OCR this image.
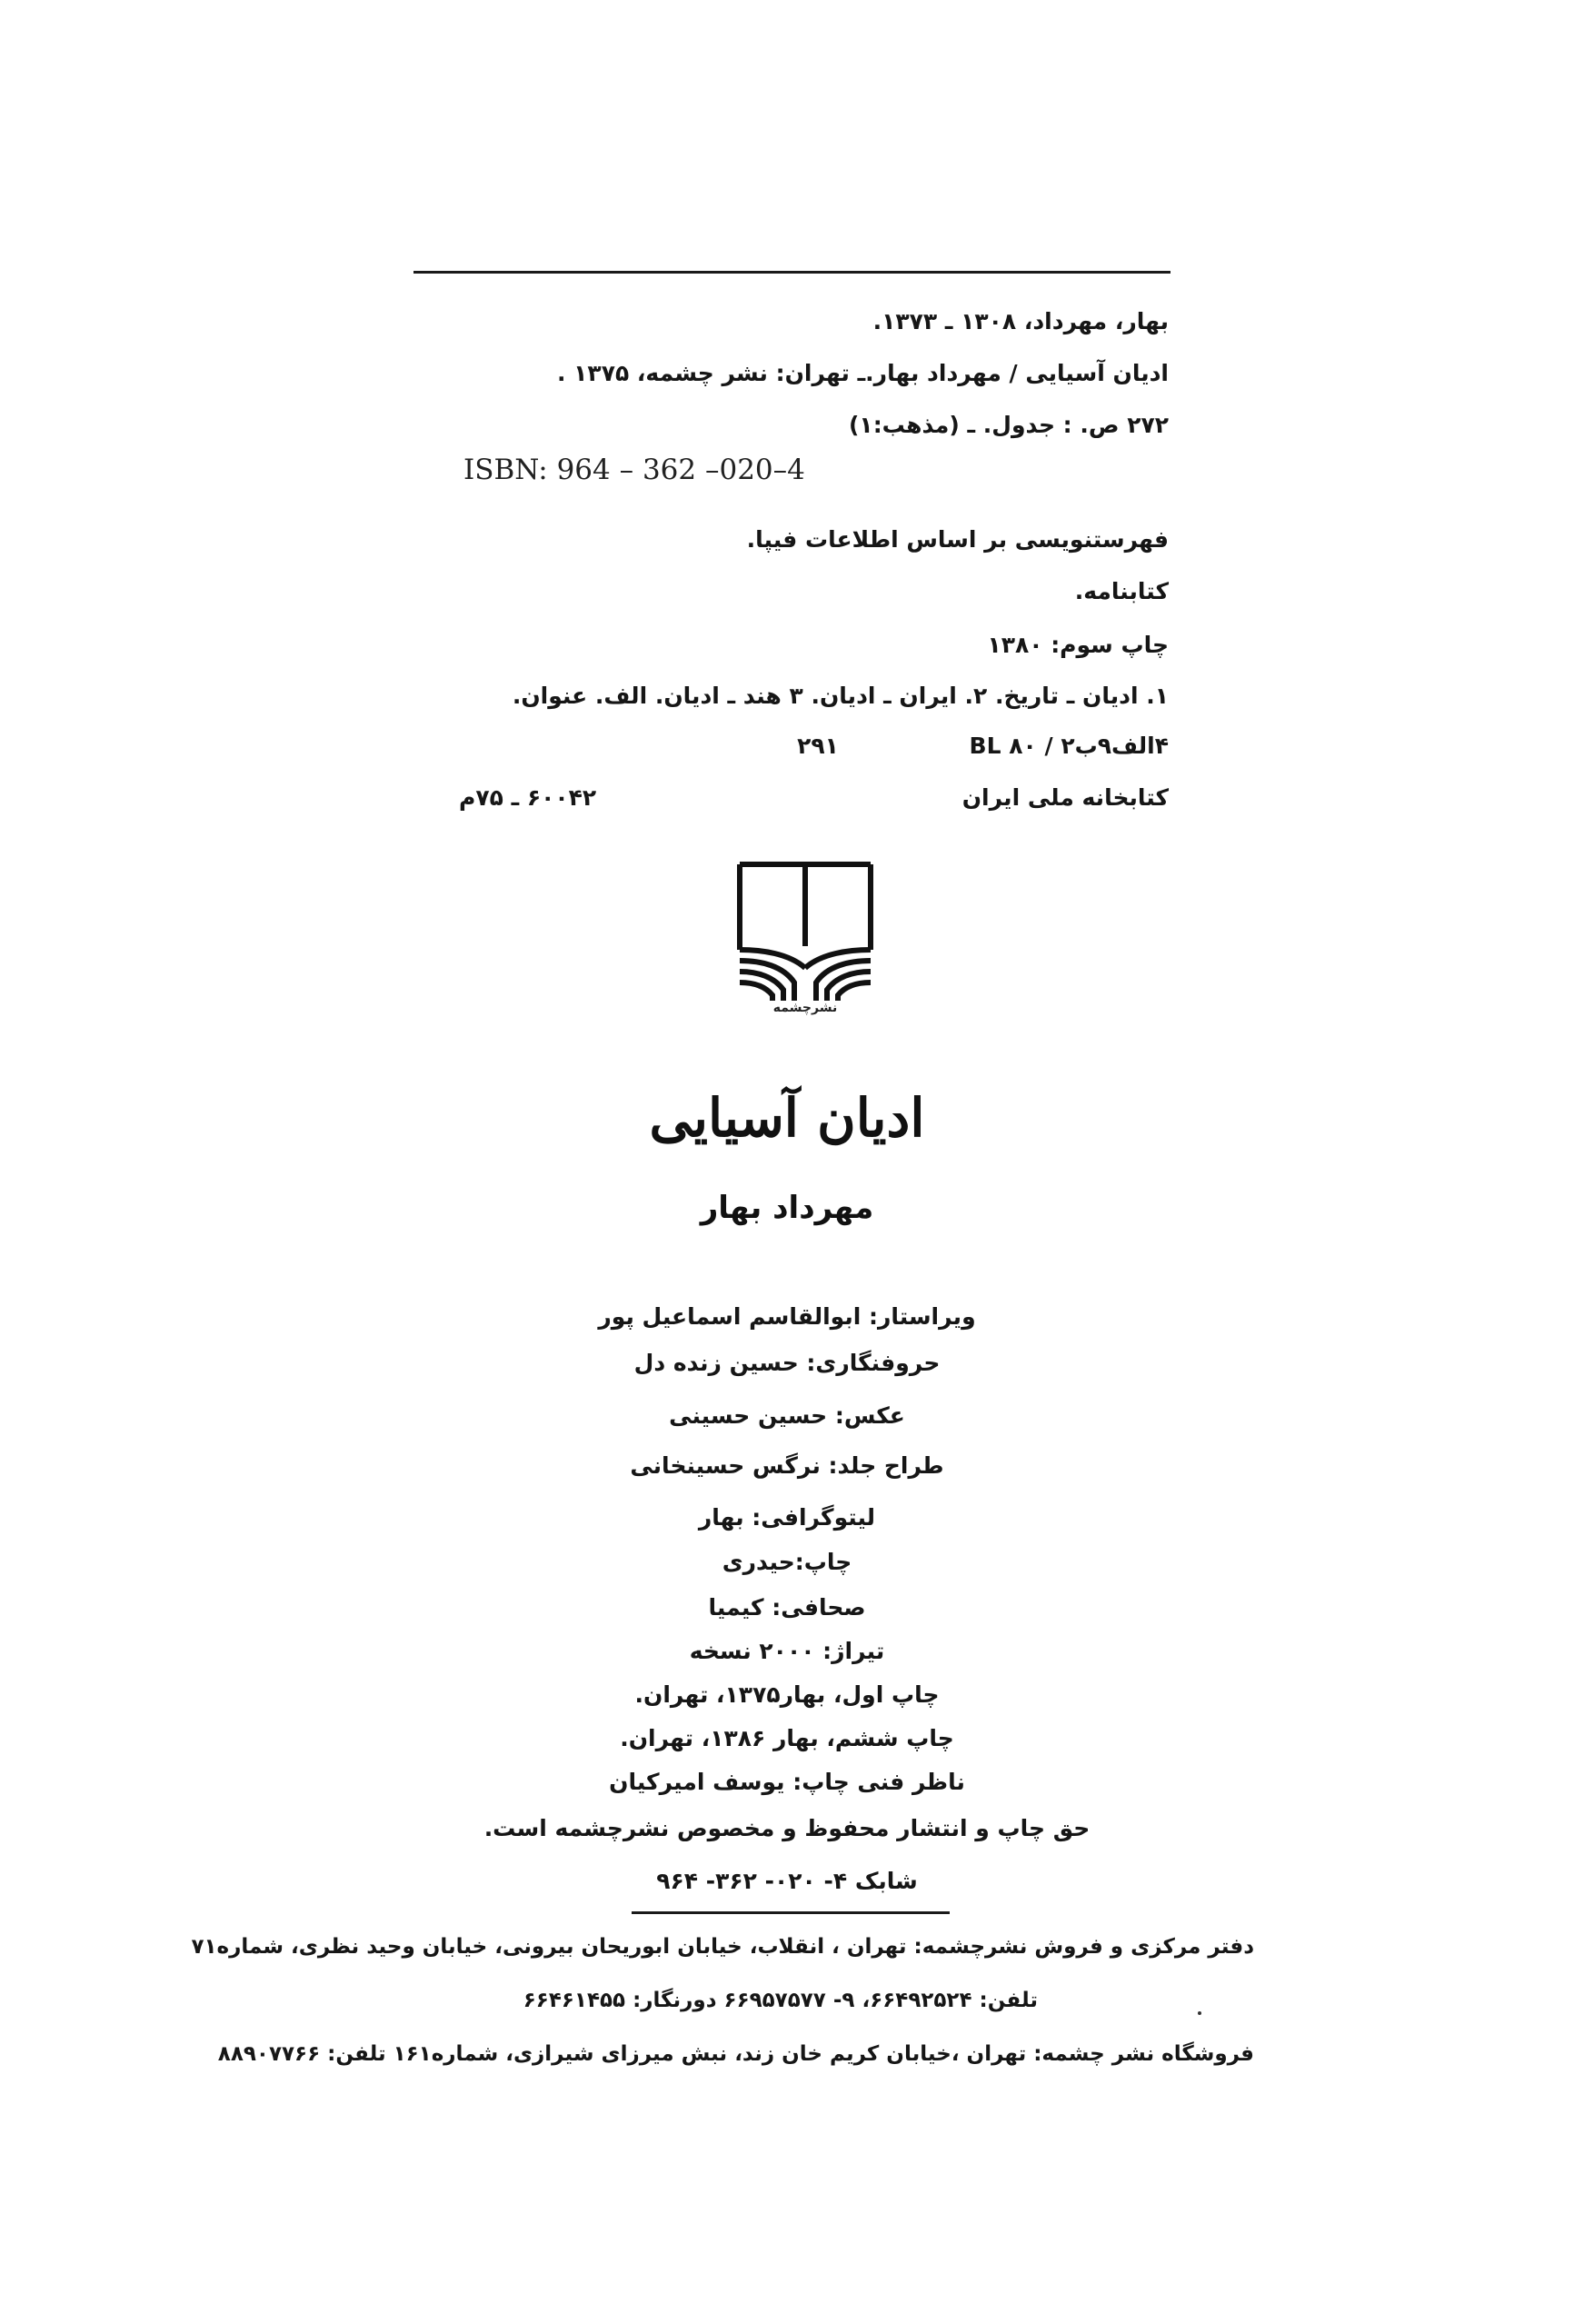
بهار، مهرداد، ۱۳۰۸ ـ ۱۳۷۳.
ادیان آسیایی / مهرداد بهار.ـ تهران: نشر چشمه، ۱۳۷۵ .
۲۷۲ ص. : جدول. ـ (مذهب:۱)
ISBN: 964 – 362 –020–4
فهرستنویسی بر اساس اطلاعات فیپا.
کتابنامه.
چاپ سوم: ۱۳۸۰
۱. ادیان ـ تاریخ. ۲. ایران ـ ادیان. ۳ هند ـ ادیان. الف. عنوان.
۴الف۹ب۲ / ۸۰ BL
۲۹۱
کتابخانه ملی ایران
۶۰۰۴۲ ـ ۷۵م
نشرچشمه
ادیان آسیایی
مهرداد بهار
ویراستار: ابوالقاسم اسماعیل پور
حروفنگاری: حسین زنده دل
عکس: حسین حسینی
طراح جلد: نرگس حسینخانی
لیتوگرافی: بهار
چاپ:حیدری
صحافی: کیمیا
تیراژ: ۲۰۰۰ نسخه
چاپ اول، بهار۱۳۷۵، تهران.
چاپ ششم، بهار ۱۳۸۶، تهران.
ناظر فنی چاپ: یوسف امیرکیان
حق چاپ و انتشار محفوظ و مخصوص نشرچشمه است.
شابک ۴- ۰۲۰- ۳۶۲- ۹۶۴
دفتر مرکزی و فروش نشرچشمه: تهران ، انقلاب، خیابان ابوریحان بیرونی، خیابان وحید نظری، شماره۷۱
تلفن: ۶۶۴۹۲۵۲۴، ۹- ۶۶۹۵۷۵۷۷ دورنگار: ۶۶۴۶۱۴۵۵
فروشگاه نشر چشمه: تهران ،خیابان کریم خان زند، نبش میرزای شیرازی، شماره۱۶۱ تلفن: ۸۸۹۰۷۷۶۶
